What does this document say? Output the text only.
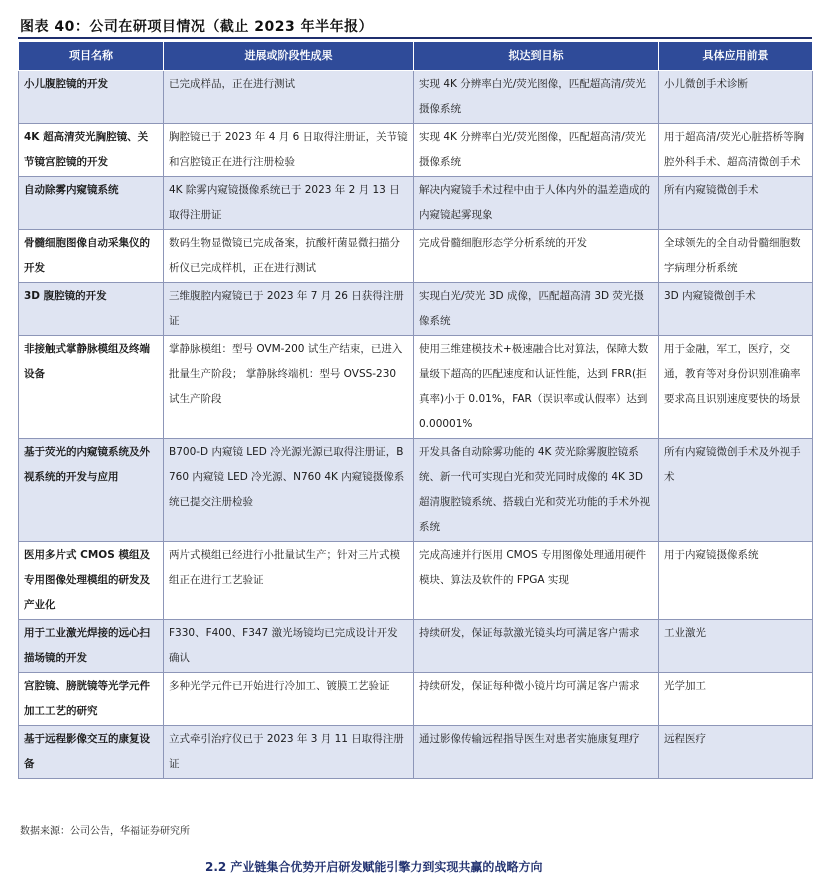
图表 40：公司在研项目情况（截止 2023 年半年报）
项目名称	进展或阶段性成果	拟达到目标	具体应用前景
小儿腹腔镜的开发	已完成样品，正在进行测试	实现 4K 分辨率白光/荧光图像，匹配超高清/荧光摄像系统	小儿微创手术诊断
4K 超高清荧光胸腔镜、关节镜宫腔镜的开发	胸腔镜已于 2023 年 4 月 6 日取得注册证，关节镜和宫腔镜正在进行注册检验	实现 4K 分辨率白光/荧光图像，匹配超高清/荧光摄像系统	用于超高清/荧光心脏搭桥等胸腔外科手术、超高清微创手术
自动除雾内窥镜系统	4K 除雾内窥镜摄像系统已于 2023 年 2 月 13 日取得注册证	解决内窥镜手术过程中由于人体内外的温差造成的内窥镜起雾现象	所有内窥镜微创手术
骨髓细胞图像自动采集仪的开发	数码生物显微镜已完成备案，抗酸杆菌显微扫描分析仪已完成样机，正在进行测试	完成骨髓细胞形态学分析系统的开发	全球领先的全自动骨髓细胞数字病理分析系统
3D 腹腔镜的开发	三维腹腔内窥镜已于 2023 年 7 月 26 日获得注册证	实现白光/荧光 3D 成像，匹配超高清 3D 荧光摄像系统	3D 内窥镜微创手术
非接触式掌静脉模组及终端设备	掌静脉模组：型号 OVM-200 试生产结束，已进入批量生产阶段； 掌静脉终端机：型号 OVSS-230 试生产阶段	使用三维建模技术+极速融合比对算法，保障大数量级下超高的匹配速度和认证性能，达到 FRR(拒真率)小于 0.01%，FAR（误识率或认假率）达到 0.00001%	用于金融，军工，医疗，交通，教育等对身份识别准确率要求高且识别速度要快的场景
基于荧光的内窥镜系统及外视系统的开发与应用	B700-D 内窥镜 LED 冷光源光源已取得注册证，B760 内窥镜 LED 冷光源、N760 4K 内窥镜摄像系统已提交注册检验	开发具备自动除雾功能的 4K 荧光除雾腹腔镜系统、新一代可实现白光和荧光同时成像的 4K 3D 超清腹腔镜系统、搭载白光和荧光功能的手术外视系统	所有内窥镜微创手术及外视手术
医用多片式 CMOS 模组及专用图像处理模组的研发及产业化	两片式模组已经进行小批量试生产；针对三片式模组正在进行工艺验证	完成高速并行医用 CMOS 专用图像处理通用硬件模块、算法及软件的 FPGA 实现	用于内窥镜摄像系统
用于工业激光焊接的远心扫描场镜的开发	F330、F400、F347 激光场镜均已完成设计开发确认	持续研发，保证每款激光镜头均可满足客户需求	工业激光
宫腔镜、膀胱镜等光学元件加工工艺的研究	多种光学元件已开始进行冷加工、镀膜工艺验证	持续研发，保证每种微小镜片均可满足客户需求	光学加工
基于远程影像交互的康复设备	立式牵引治疗仪已于 2023 年 3 月 11 日取得注册证	通过影像传输远程指导医生对患者实施康复理疗	远程医疗
数据来源：公司公告，华福证券研究所
2.2 产业链集合优势开启研发赋能引擎力到实现共赢的战略方向
